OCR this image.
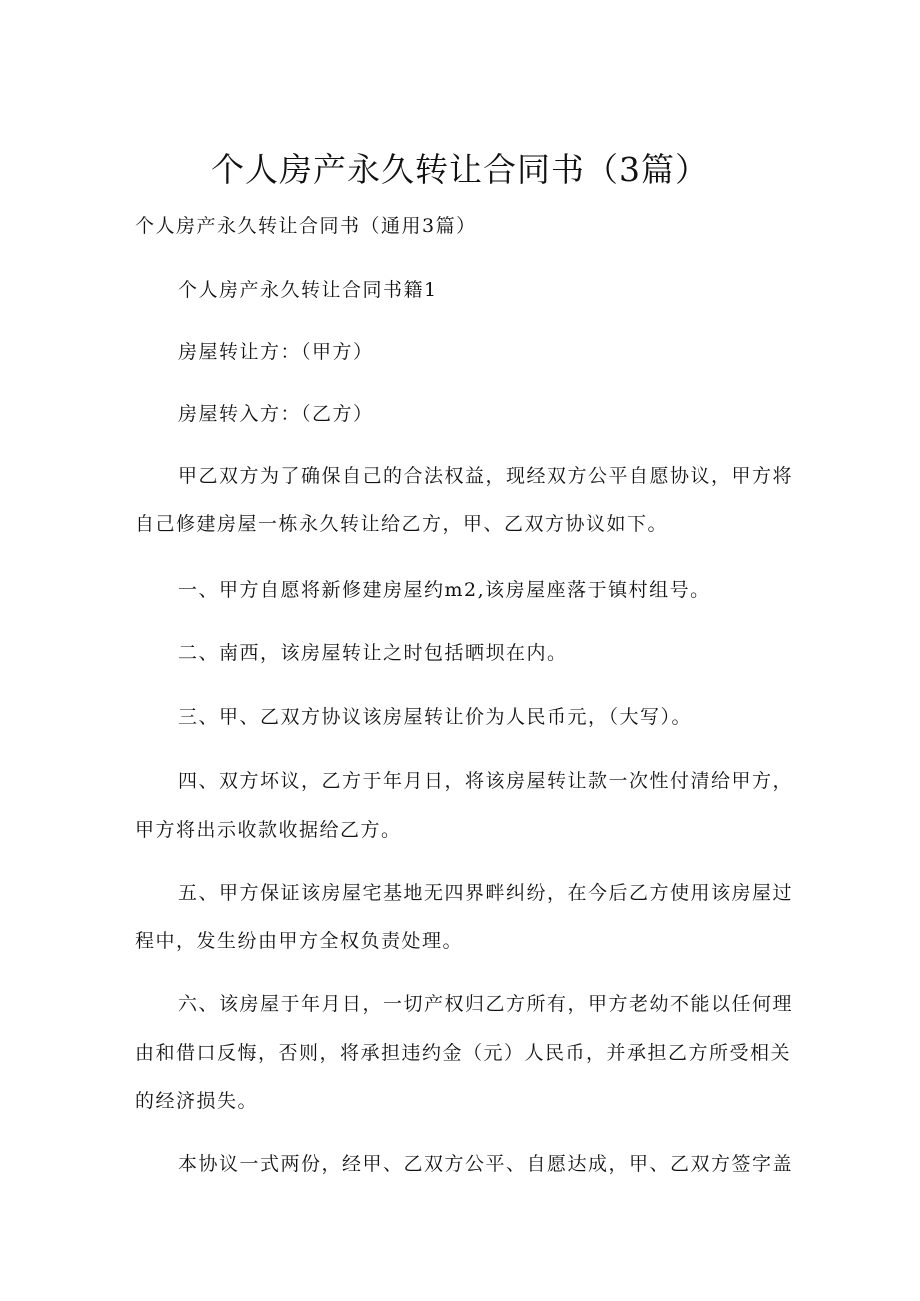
个人房产永久转让合同书（3篇）
个人房产永久转让合同书（通用3篇）
个人房产永久转让合同书籍1
房屋转让方：（甲方）
房屋转入方：（乙方）
甲乙双方为了确保自己的合法权益，现经双方公平自愿协议，甲方将
自己修建房屋一栋永久转让给乙方，甲、乙双方协议如下。
一、甲方自愿将新修建房屋约m2,该房屋座落于镇村组号。
二、南西，该房屋转让之时包括晒坝在内。
三、甲、乙双方协议该房屋转让价为人民币元，（大写）。
四、双方坏议，乙方于年月日，将该房屋转让款一次性付清给甲方，
甲方将出示收款收据给乙方。
五、甲方保证该房屋宅基地无四界畔纠纷，在今后乙方使用该房屋过
程中，发生纷由甲方全权负责处理。
六、该房屋于年月日，一切产权归乙方所有，甲方老幼不能以任何理
由和借口反悔，否则，将承担违约金（元）人民币，并承担乙方所受相关
的经济损失。
本协议一式两份，经甲、乙双方公平、自愿达成，甲、乙双方签字盖
